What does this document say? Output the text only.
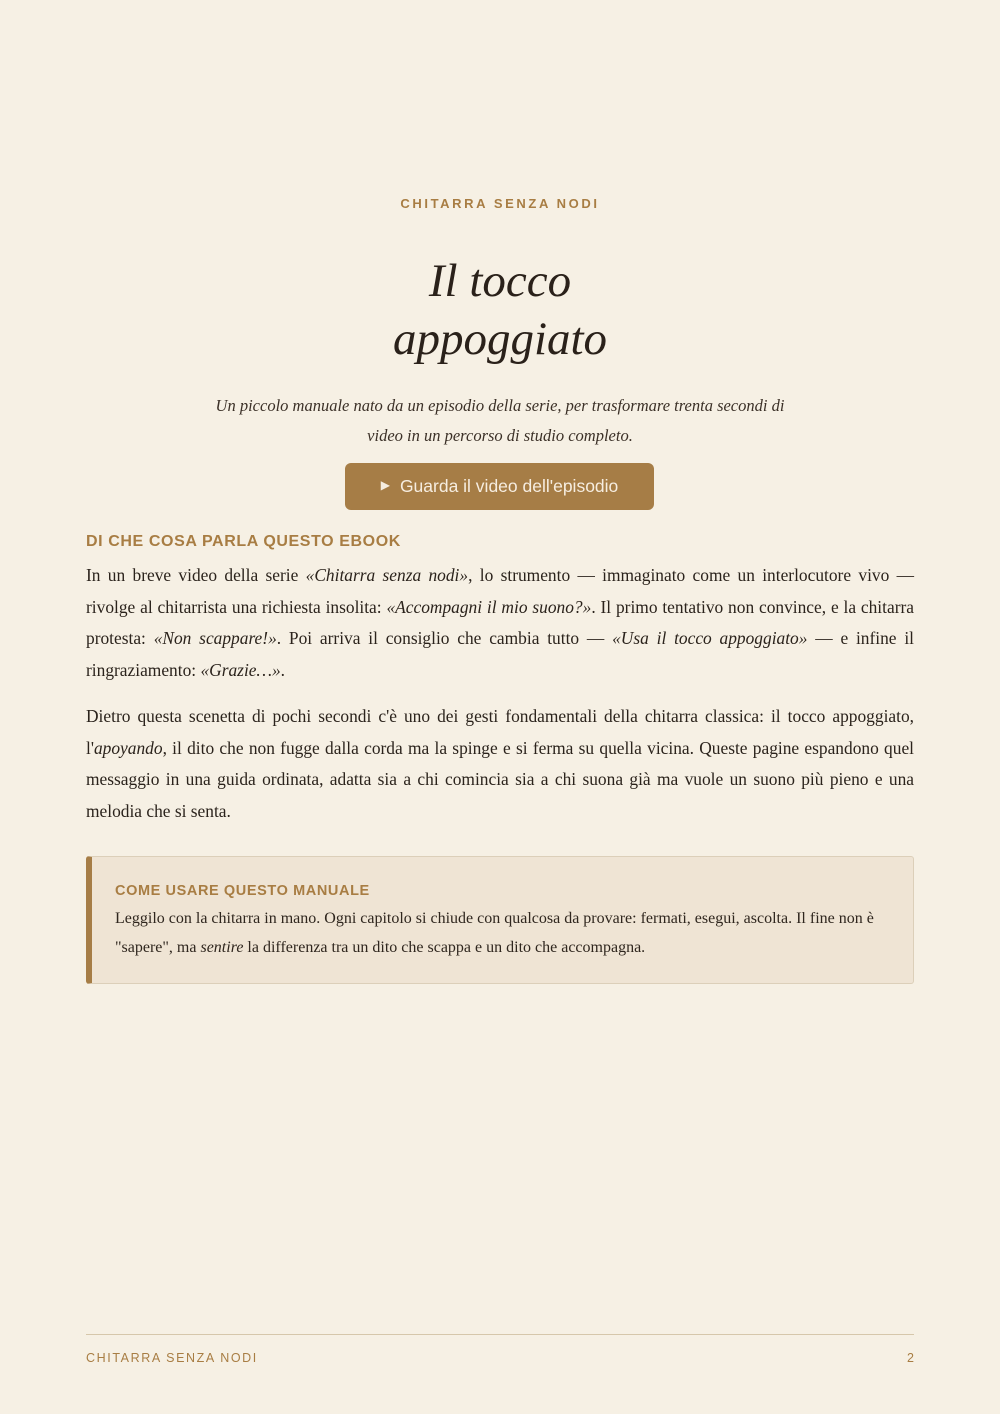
CHITARRA SENZA NODI
Il tocco
appoggiato

Un piccolo manuale nato da un episodio della serie, per trasformare trenta secondi di
video in un percorso di studio completo.

▶ Guarda il video dell'episodio
DI CHE COSA PARLA QUESTO EBOOK

In un breve video della serie «Chitarra senza nodi», lo strumento — immaginato come un interlocutore vivo — rivolge al chitarrista una richiesta insolita: «Accompagni il mio suono?». Il primo tentativo non convince, e la chitarra protesta: «Non scappare!». Poi arriva il consiglio che cambia tutto — «Usa il tocco appoggiato» — e infine il ringraziamento: «Grazie…».

Dietro questa scenetta di pochi secondi c'è uno dei gesti fondamentali della chitarra classica: il tocco appoggiato, l'apoyando, il dito che non fugge dalla corda ma la spinge e si ferma su quella vicina. Queste pagine espandono quel messaggio in una guida ordinata, adatta sia a chi comincia sia a chi suona già ma vuole un suono più pieno e una melodia che si senta.

COME USARE QUESTO MANUALE

Leggilo con la chitarra in mano. Ogni capitolo si chiude con qualcosa da provare: fermati, esegui, ascolta. Il fine non è "sapere", ma sentire la differenza tra un dito che scappa e un dito che accompagna.

CHITARRA SENZA NODI	2
